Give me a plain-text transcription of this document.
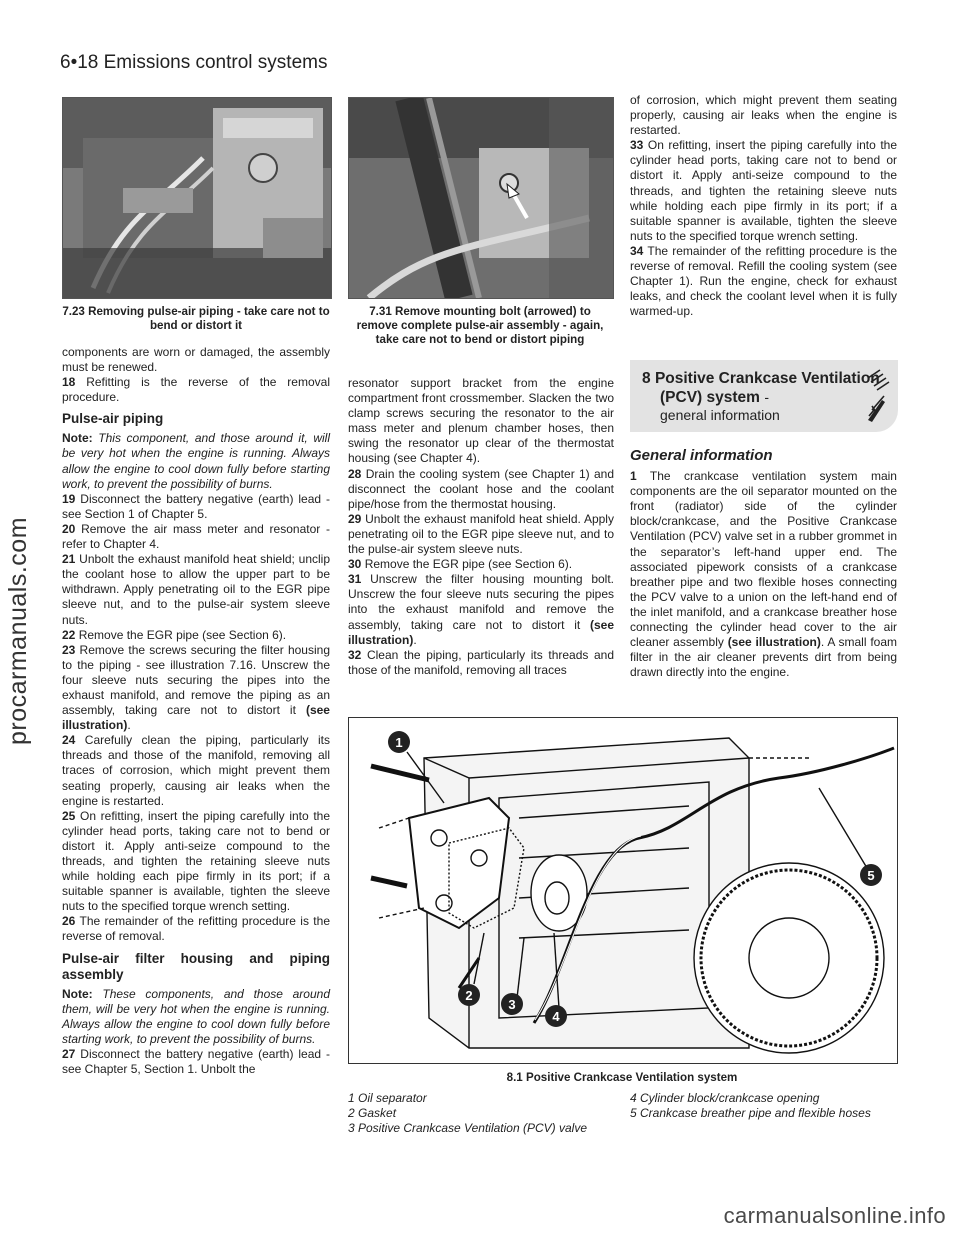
6•18 Emissions control systems
7.23 Removing pulse-air piping - take care not to bend or distort it
7.31 Remove mounting bolt (arrowed) to remove complete pulse-air assembly - again, take care not to bend or distort piping

components are worn or damaged, the assembly must be renewed.

18 Refitting is the reverse of the removal procedure.

Pulse-air piping

Note: This component, and those around it, will be very hot when the engine is running. Always allow the engine to cool down fully before starting work, to prevent the possibility of burns.

19 Disconnect the battery negative (earth) lead - see Section 1 of Chapter 5.

20 Remove the air mass meter and resonator - refer to Chapter 4.

21 Unbolt the exhaust manifold heat shield; unclip the coolant hose to allow the upper part to be withdrawn. Apply penetrating oil to the EGR pipe sleeve nut, and to the pulse-air system sleeve nuts.

22 Remove the EGR pipe (see Section 6).

23 Remove the screws securing the filter housing to the piping - see illustration 7.16. Unscrew the four sleeve nuts securing the pipes into the exhaust manifold, and remove the piping as an assembly, taking care not to distort it (see illustration).

24 Carefully clean the piping, particularly its threads and those of the manifold, removing all traces of corrosion, which might prevent them seating properly, causing air leaks when the engine is restarted.

25 On refitting, insert the piping carefully into the cylinder head ports, taking care not to bend or distort it. Apply anti-seize compound to the threads, and tighten the retaining sleeve nuts while holding each pipe firmly in its port; if a suitable spanner is available, tighten the sleeve nuts to the specified torque wrench setting.

26 The remainder of the refitting procedure is the reverse of removal.

Pulse-air filter housing and piping assembly

Note: These components, and those around them, will be very hot when the engine is running. Always allow the engine to cool down fully before starting work, to prevent the possibility of burns.

27 Disconnect the battery negative (earth) lead - see Chapter 5, Section 1. Unbolt the

resonator support bracket from the engine compartment front crossmember. Slacken the two clamp screws securing the resonator to the air mass meter and plenum chamber hoses, then swing the resonator up clear of the thermostat housing (see Chapter 4).

28 Drain the cooling system (see Chapter 1) and disconnect the coolant hose and the coolant pipe/hose from the thermostat housing.

29 Unbolt the exhaust manifold heat shield. Apply penetrating oil to the EGR pipe sleeve nut, and to the pulse-air system sleeve nuts.

30 Remove the EGR pipe (see Section 6).

31 Unscrew the filter housing mounting bolt. Unscrew the four sleeve nuts securing the pipes into the exhaust manifold and remove the assembly, taking care not to distort it (see illustration).

32 Clean the piping, particularly its threads and those of the manifold, removing all traces

of corrosion, which might prevent them seating properly, causing air leaks when the engine is restarted.

33 On refitting, insert the piping carefully into the cylinder head ports, taking care not to bend or distort it. Apply anti-seize compound to the threads, and tighten the retaining sleeve nuts while holding each pipe firmly in its port; if a suitable spanner is available, tighten the sleeve nuts to the specified torque wrench setting.

34 The remainder of the refitting procedure is the reverse of removal. Refill the cooling system (see Chapter 1). Run the engine, check for exhaust leaks, and check the coolant level when it is fully warmed-up.

8 Positive Crankcase Ventilation
(PCV) system -
general information
General information

1 The crankcase ventilation system main components are the oil separator mounted on the front (radiator) side of the cylinder block/crankcase, and the Positive Crankcase Ventilation (PCV) valve set in a rubber grommet in the separator’s left-hand upper end. The associated pipework consists of a crankcase breather pipe and two flexible hoses connecting the PCV valve to a union on the left-hand end of the inlet manifold, and a crankcase breather hose connecting the cylinder head cover to the air cleaner assembly (see illustration). A small foam filter in the air cleaner prevents dirt from being drawn directly into the engine.

1
2
3
4
5
8.1 Positive Crankcase Ventilation system
1 Oil separator
2 Gasket
3 Positive Crankcase Ventilation (PCV) valve
4 Cylinder block/crankcase opening
5 Crankcase breather pipe and flexible hoses
procarmanuals.com
carmanualsonline.info
